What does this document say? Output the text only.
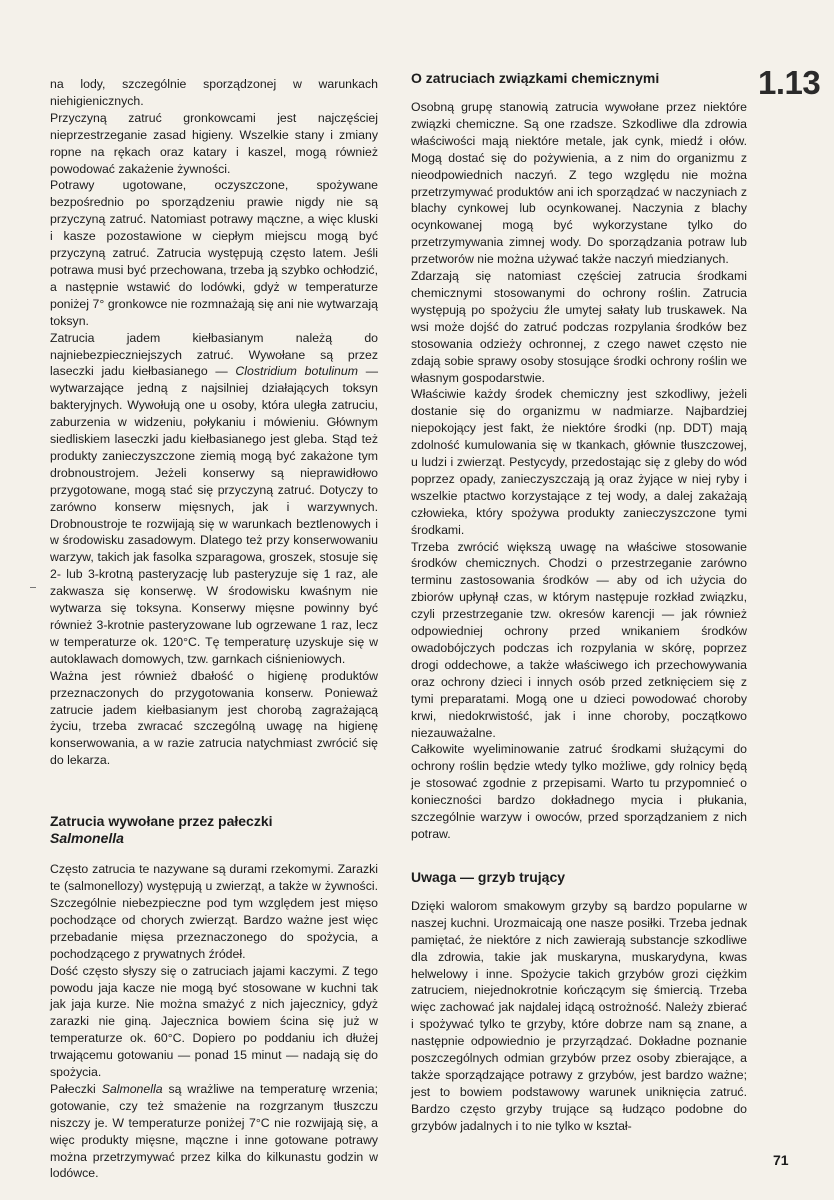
1.13

na lody, szczególnie sporządzonej w warunkach niehigienicznych.

Przyczyną zatruć gronkowcami jest najczęściej nieprzestrzeganie zasad higieny. Wszelkie stany i zmiany ropne na rękach oraz katary i kaszel, mogą również powodować zakażenie żywności.

Potrawy ugotowane, oczyszczone, spożywane bezpośrednio po sporządzeniu prawie nigdy nie są przyczyną zatruć. Natomiast potrawy mączne, a więc kluski i kasze pozostawione w ciepłym miejscu mogą być przyczyną zatruć. Zatrucia występują często latem. Jeśli potrawa musi być przechowana, trzeba ją szybko ochłodzić, a następnie wstawić do lodówki, gdyż w temperaturze poniżej 7° gronkowce nie rozmnażają się ani nie wytwarzają toksyn.

Zatrucia jadem kiełbasianym należą do najniebezpieczniejszych zatruć. Wywołane są przez laseczki jadu kiełbasianego — Clostridium botulinum — wytwarzające jedną z najsilniej działających toksyn bakteryjnych. Wywołują one u osoby, która uległa zatruciu, zaburzenia w widzeniu, połykaniu i mówieniu. Głównym siedliskiem laseczki jadu kiełbasianego jest gleba. Stąd też produkty zanieczyszczone ziemią mogą być zakażone tym drobnoustrojem. Jeżeli konserwy są nieprawidłowo przygotowane, mogą stać się przyczyną zatruć. Dotyczy to zarówno konserw mięsnych, jak i warzywnych. Drobnoustroje te rozwijają się w warunkach beztlenowych i w środowisku zasadowym. Dlatego też przy konserwowaniu warzyw, takich jak fasolka szparagowa, groszek, stosuje się 2- lub 3-krotną pasteryzację lub pasteryzuje się 1 raz, ale zakwasza się konserwę. W środowisku kwaśnym nie wytwarza się toksyna. Konserwy mięsne powinny być również 3-krotnie pasteryzowane lub ogrzewane 1 raz, lecz w temperaturze ok. 120°C. Tę temperaturę uzyskuje się w autoklawach domowych, tzw. garnkach ciśnieniowych.

Ważna jest również dbałość o higienę produktów przeznaczonych do przygotowania konserw. Ponieważ zatrucie jadem kiełbasianym jest chorobą zagrażającą życiu, trzeba zwracać szczególną uwagę na higienę konserwowania, a w razie zatrucia natychmiast zwrócić się do lekarza.

Zatrucia wywołane przez pałeczki
Salmonella

Często zatrucia te nazywane są durami rzekomymi. Zarazki te (salmonellozy) występują u zwierząt, a także w żywności. Szczególnie niebezpieczne pod tym względem jest mięso pochodzące od chorych zwierząt. Bardzo ważne jest więc przebadanie mięsa przeznaczonego do spożycia, a pochodzącego z prywatnych źródeł.

Dość często słyszy się o zatruciach jajami kaczymi. Z tego powodu jaja kacze nie mogą być stosowane w kuchni tak jak jaja kurze. Nie można smażyć z nich jajecznicy, gdyż zarazki nie giną. Jajecznica bowiem ścina się już w temperaturze ok. 60°C. Dopiero po poddaniu ich dłużej trwającemu gotowaniu — ponad 15 minut — nadają się do spożycia.

Pałeczki Salmonella są wrażliwe na temperaturę wrzenia; gotowanie, czy też smażenie na rozgrzanym tłuszczu niszczy je. W temperaturze poniżej 7°C nie rozwijają się, a więc produkty mięsne, mączne i inne gotowane potrawy można przetrzymywać przez kilka do kilkunastu godzin w lodówce.

O zatruciach związkami chemicznymi

Osobną grupę stanowią zatrucia wywołane przez niektóre związki chemiczne. Są one rzadsze. Szkodliwe dla zdrowia właściwości mają niektóre metale, jak cynk, miedź i ołów. Mogą dostać się do pożywienia, a z nim do organizmu z nieodpowiednich naczyń. Z tego względu nie można przetrzymywać produktów ani ich sporządzać w naczyniach z blachy cynkowej lub ocynkowanej. Naczynia z blachy ocynkowanej mogą być wykorzystane tylko do przetrzymywania zimnej wody. Do sporządzania potraw lub przetworów nie można używać także naczyń miedzianych.

Zdarzają się natomiast częściej zatrucia środkami chemicznymi stosowanymi do ochrony roślin. Zatrucia występują po spożyciu źle umytej sałaty lub truskawek. Na wsi może dojść do zatruć podczas rozpylania środków bez stosowania odzieży ochronnej, z czego nawet często nie zdają sobie sprawy osoby stosujące środki ochrony roślin we własnym gospodarstwie.

Właściwie każdy środek chemiczny jest szkodliwy, jeżeli dostanie się do organizmu w nadmiarze. Najbardziej niepokojący jest fakt, że niektóre środki (np. DDT) mają zdolność kumulowania się w tkankach, głównie tłuszczowej, u ludzi i zwierząt. Pestycydy, przedostając się z gleby do wód poprzez opady, zanieczyszczają ją oraz żyjące w niej ryby i wszelkie ptactwo korzystające z tej wody, a dalej zakażają człowieka, który spożywa produkty zanieczyszczone tymi środkami.

Trzeba zwrócić większą uwagę na właściwe stosowanie środków chemicznych. Chodzi o przestrzeganie zarówno terminu zastosowania środków — aby od ich użycia do zbiorów upłynął czas, w którym następuje rozkład związku, czyli przestrzeganie tzw. okresów karencji — jak również odpowiedniej ochrony przed wnikaniem środków owadobójczych podczas ich rozpylania w skórę, poprzez drogi oddechowe, a także właściwego ich przechowywania oraz ochrony dzieci i innych osób przed zetknięciem się z tymi preparatami. Mogą one u dzieci powodować choroby krwi, niedokrwistość, jak i inne choroby, początkowo niezauważalne.

Całkowite wyeliminowanie zatruć środkami służącymi do ochrony roślin będzie wtedy tylko możliwe, gdy rolnicy będą je stosować zgodnie z przepisami. Warto tu przypomnieć o konieczności bardzo dokładnego mycia i płukania, szczególnie warzyw i owoców, przed sporządzaniem z nich potraw.

Uwaga — grzyb trujący

Dzięki walorom smakowym grzyby są bardzo popularne w naszej kuchni. Urozmaicają one nasze posiłki. Trzeba jednak pamiętać, że niektóre z nich zawierają substancje szkodliwe dla zdrowia, takie jak muskaryna, muskarydyna, kwas helwelowy i inne. Spożycie takich grzybów grozi ciężkim zatruciem, niejednokrotnie kończącym się śmiercią. Trzeba więc zachować jak najdalej idącą ostrożność. Należy zbierać i spożywać tylko te grzyby, które dobrze nam są znane, a następnie odpowiednio je przyrządzać. Dokładne poznanie poszczególnych odmian grzybów przez osoby zbierające, a także sporządzające potrawy z grzybów, jest bardzo ważne; jest to bowiem podstawowy warunek uniknięcia zatruć. Bardzo często grzyby trujące są łudząco podobne do grzybów jadalnych i to nie tylko w kształ-

71
